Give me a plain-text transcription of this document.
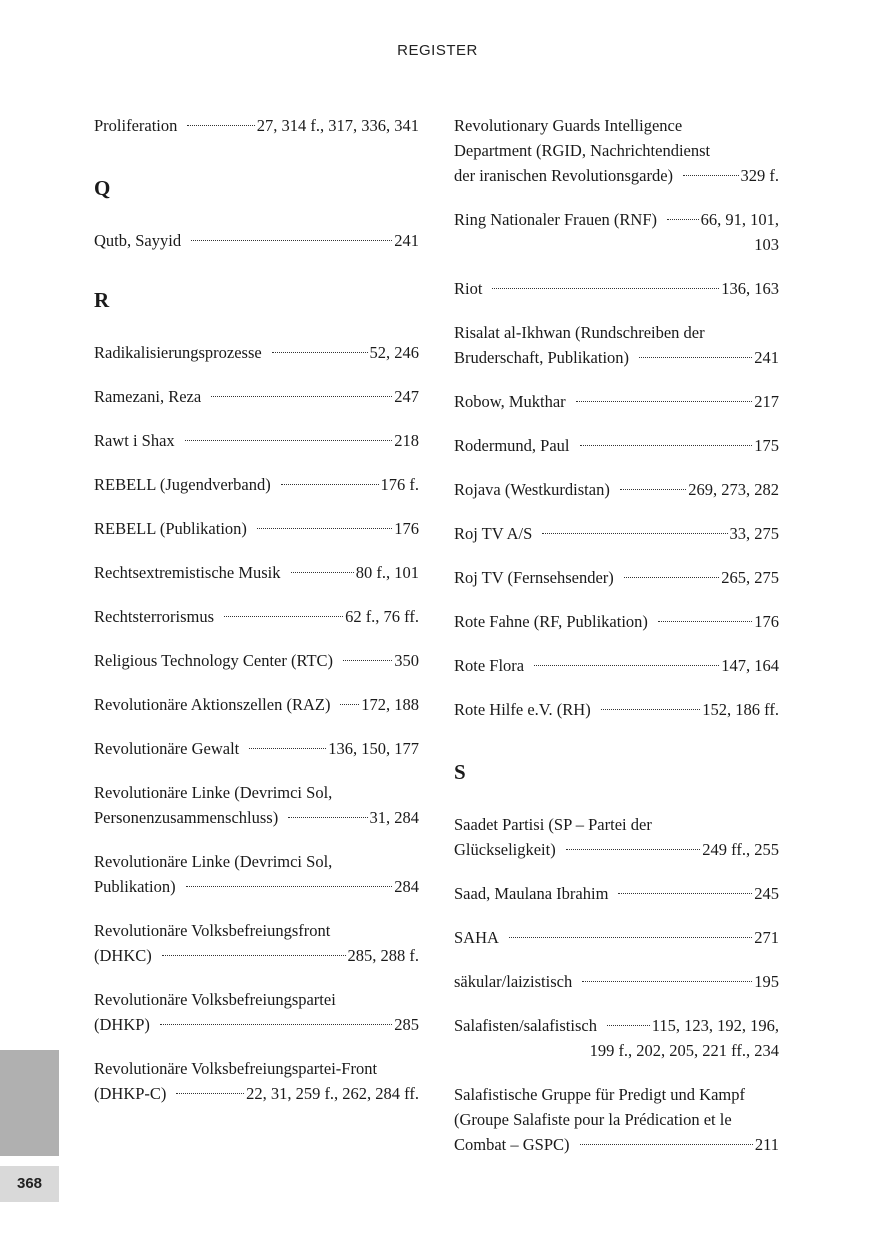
REGISTER
Proliferation	27, 314 f., 317, 336, 341
Q
Qutb, Sayyid	241
R
Radikalisierungsprozesse	52, 246
Ramezani, Reza	247
Rawt i Shax	218
REBELL (Jugendverband)	176 f.
REBELL (Publikation)	176
Rechtsextremistische Musik	80 f., 101
Rechtsterrorismus	62 f., 76 ff.
Religious Technology Center (RTC)	350
Revolutionäre Aktionszellen (RAZ) 172, 188
Revolutionäre Gewalt	136, 150, 177
Revolutionäre Linke (Devrimci Sol,
Personenzusammenschluss)	31, 284
Revolutionäre Linke (Devrimci Sol,
Publikation)	284
Revolutionäre Volksbefreiungsfront
(DHKC)	285, 288 f.
Revolutionäre Volksbefreiungspartei
(DHKP)	285
Revolutionäre Volksbefreiungspartei-Front
(DHKP-C)	22, 31, 259 f., 262, 284 ff.
Revolutionary Guards Intelligence
Department (RGID, Nachrichtendienst
der iranischen Revolutionsgarde)	329 f.
Ring Nationaler Frauen (RNF)	66, 91, 101,
103
Riot	136, 163
Risalat al-Ikhwan (Rundschreiben der
Bruderschaft, Publikation)	241
Robow, Mukthar	217
Rodermund, Paul	175
Rojava (Westkurdistan)	269, 273, 282
Roj TV A/S	33, 275
Roj TV (Fernsehsender)	265, 275
Rote Fahne (RF, Publikation)	176
Rote Flora	147, 164
Rote Hilfe e.V. (RH)	152, 186 ff.
S
Saadet Partisi (SP – Partei der
Glückseligkeit)	249 ff., 255
Saad, Maulana Ibrahim	245
SAHA	271
säkular/laizistisch	195
Salafisten/salafistisch	115, 123, 192, 196,
199 f., 202, 205, 221 ff., 234
Salafistische Gruppe für Predigt und Kampf
(Groupe Salafiste pour la Prédication et le
Combat – GSPC)	211
368
